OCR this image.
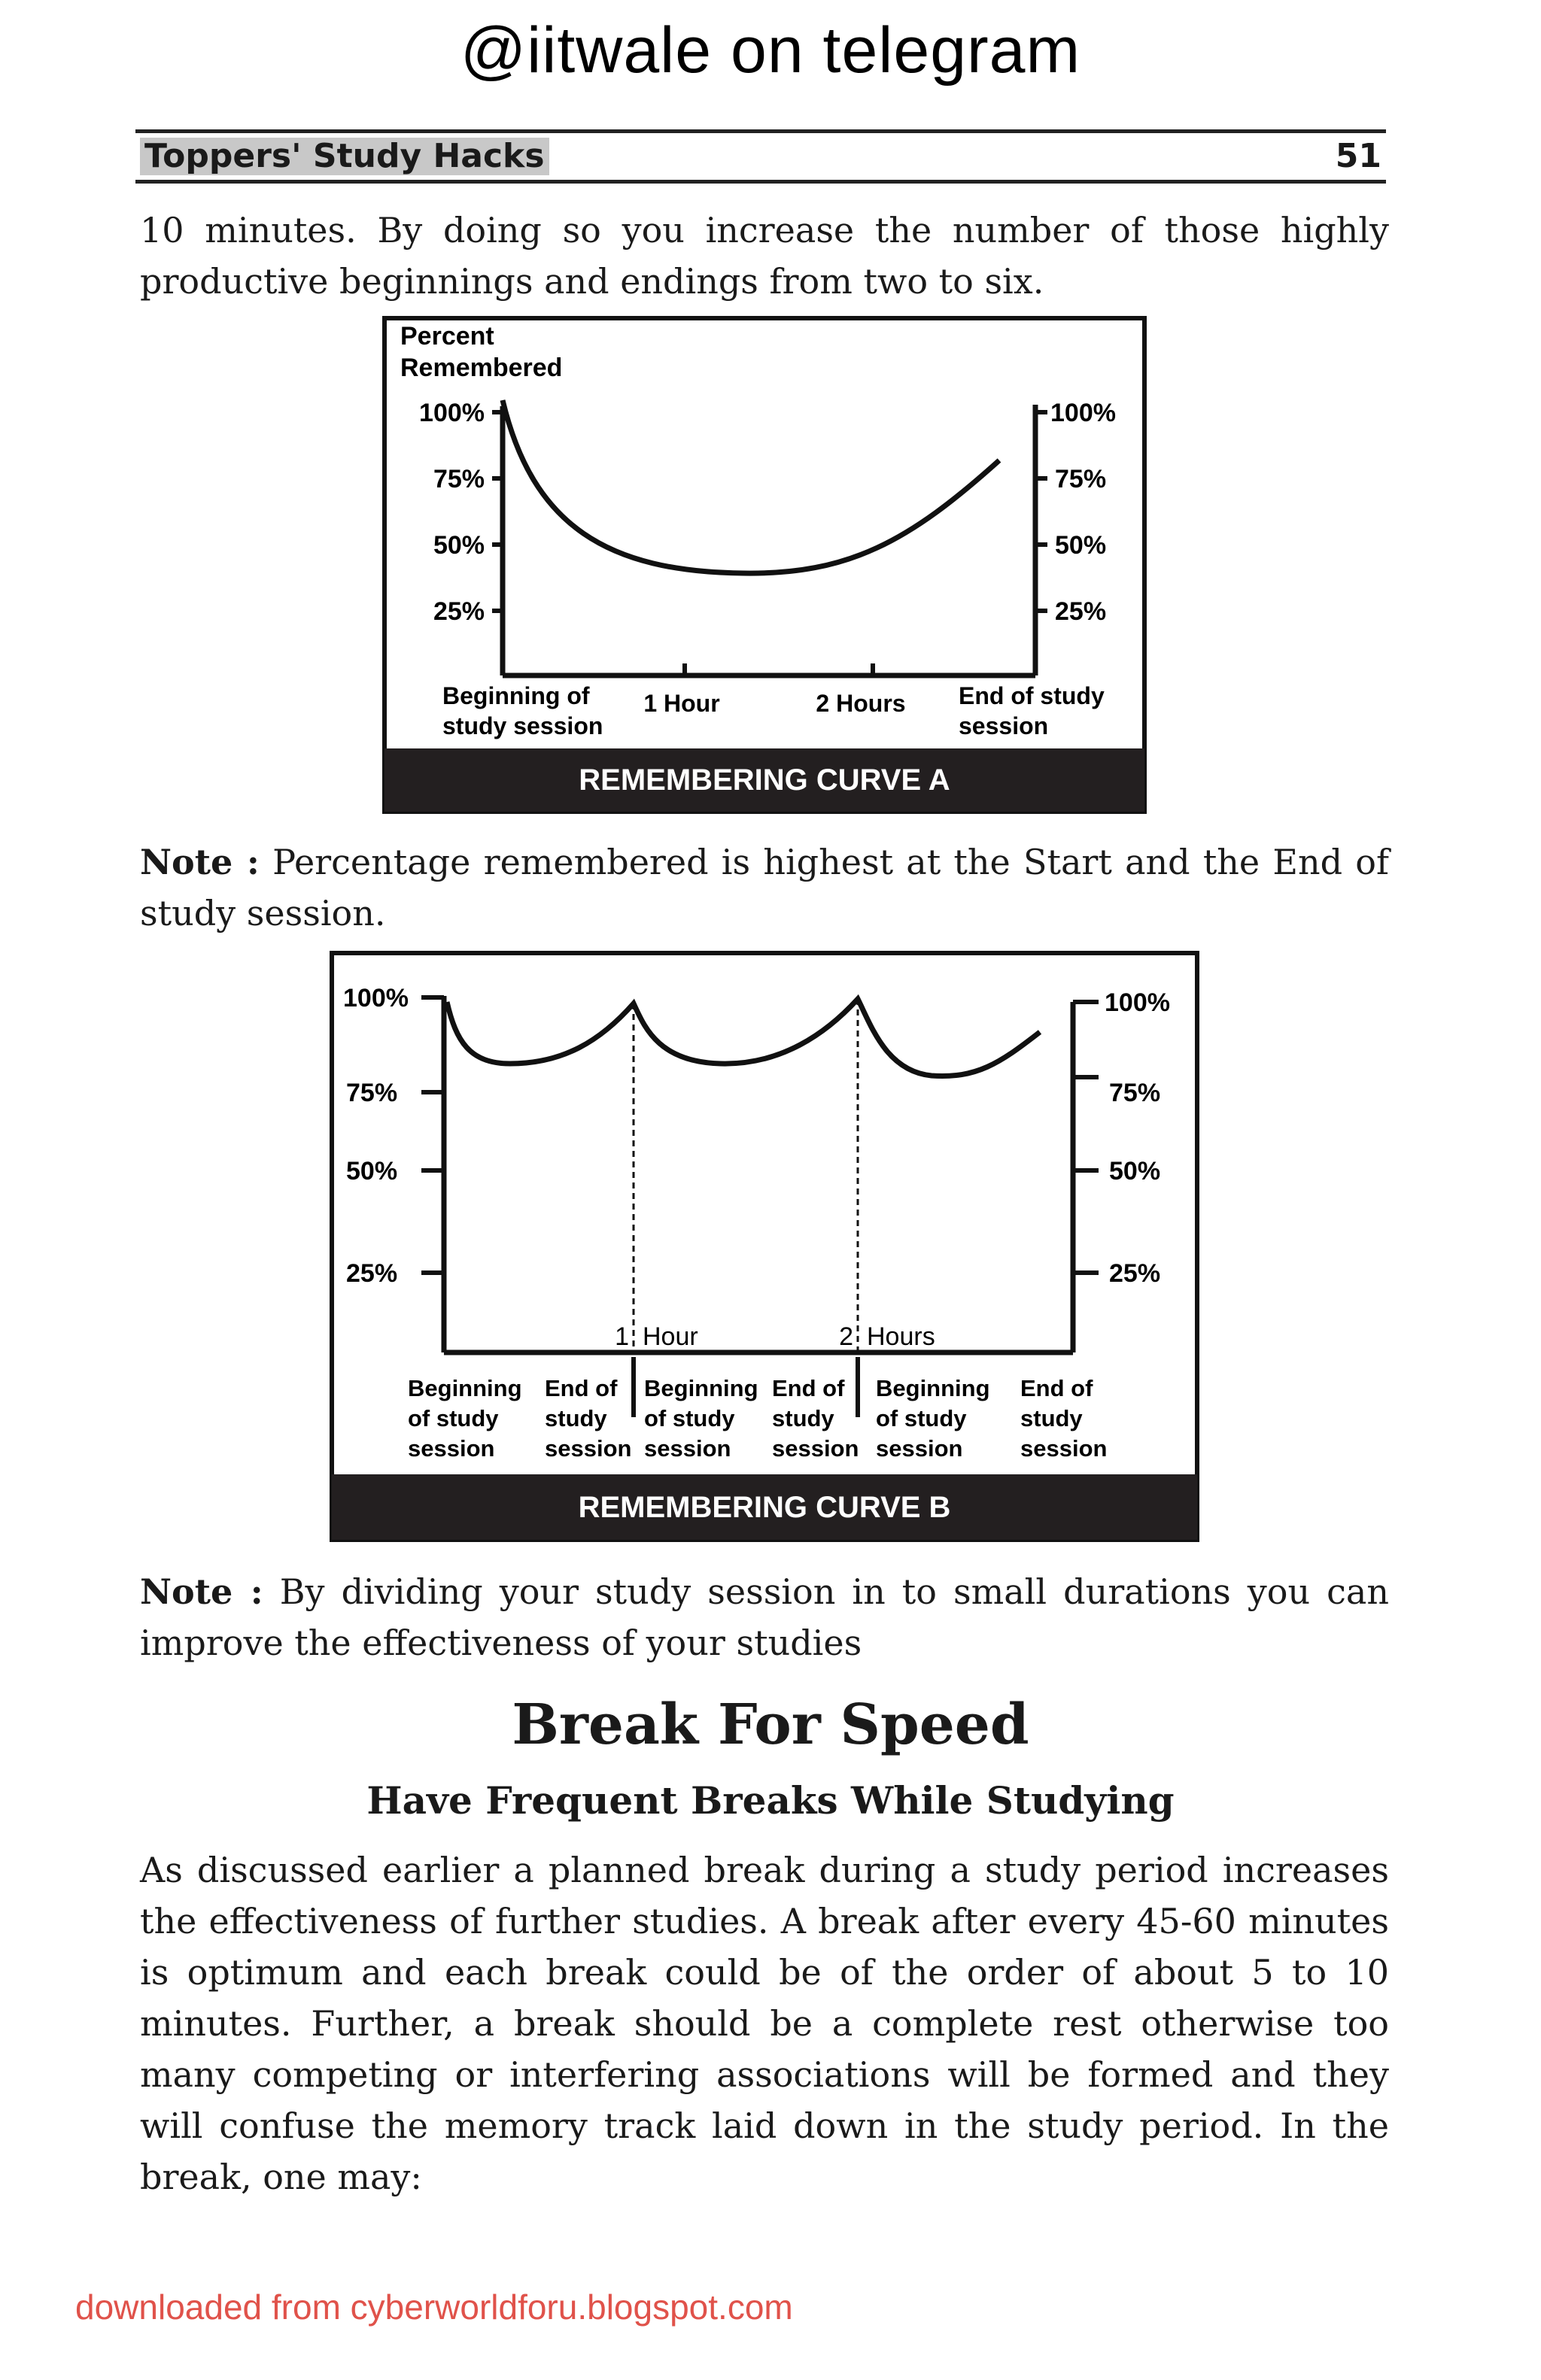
@iitwale on telegram
Toppers' Study Hacks	51
10 minutes. By doing so you increase the number of those highly productive beginnings and endings from two to six.
REMEMBERING CURVE A
Percent
Remembered
100%
75%
50%
25%
100%
75%
50%
25%
Beginning of
study session
1 Hour	2 Hours End of study
session
Note : Percentage remembered is highest at the Start and the End of study session.
REMEMBERING CURVE B
100%
75%
50%
25%
100%
75%
50%
25%
1 Hour	2 Hours
Beginning
of study
session
End of
study
session
Beginning
of study
session
End of
study
session
Beginning
of study
session
End of
study
session
Note : By dividing your study session in to small durations you can improve the effectiveness of your studies
Break For Speed
Have Frequent Breaks While Studying
As discussed earlier a planned break during a study period increases the effectiveness of further studies. A break after every 45-60 minutes is optimum and each break could be of the order of about 5 to 10 minutes. Further, a break should be a complete rest otherwise too many competing or interfering associations will be formed and they will confuse the memory track laid down in the study period. In the break, one may:
downloaded from cyberworldforu.blogspot.com
